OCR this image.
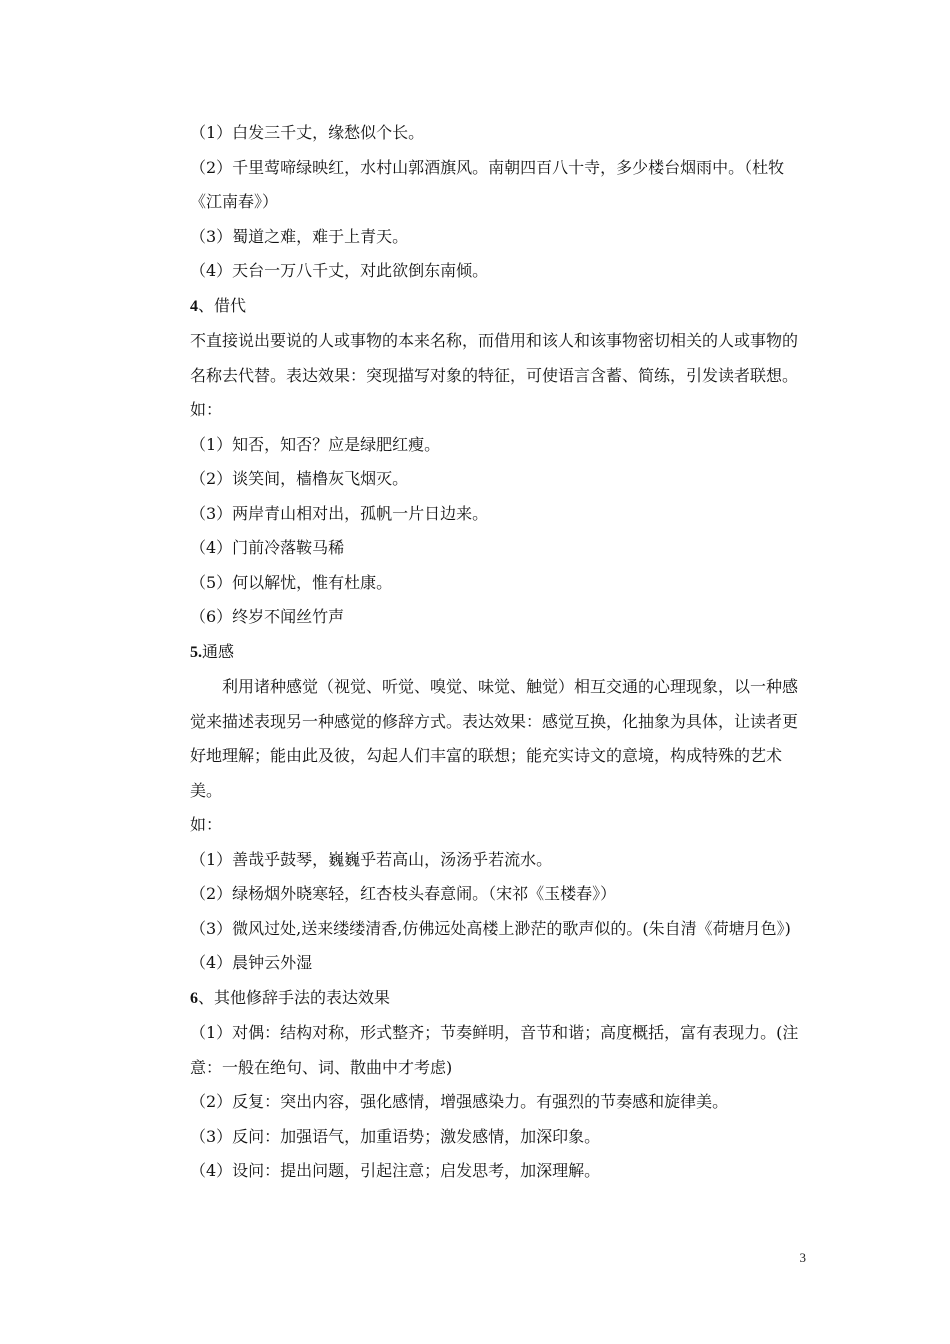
（1）白发三千丈，缘愁似个长。

（2）千里莺啼绿映红，水村山郭酒旗风。南朝四百八十寺，多少楼台烟雨中。（杜牧《江南春》）

（3）蜀道之难，难于上青天。

（4）天台一万八千丈，对此欲倒东南倾。

4、借代

不直接说出要说的人或事物的本来名称，而借用和该人和该事物密切相关的人或事物的名称去代替。表达效果：突现描写对象的特征，可使语言含蓄、简练，引发读者联想。如：

（1）知否，知否？应是绿肥红瘦。

（2）谈笑间，樯橹灰飞烟灭。

（3）两岸青山相对出，孤帆一片日边来。

（4）门前冷落鞍马稀

（5）何以解忧，惟有杜康。

（6）终岁不闻丝竹声

5.通感

利用诸种感觉（视觉、听觉、嗅觉、味觉、触觉）相互交通的心理现象，以一种感觉来描述表现另一种感觉的修辞方式。表达效果：感觉互换，化抽象为具体，让读者更好地理解；能由此及彼，勾起人们丰富的联想；能充实诗文的意境，构成特殊的艺术美。

如：

（1）善哉乎鼓琴，巍巍乎若高山，汤汤乎若流水。

（2）绿杨烟外晓寒轻，红杏枝头春意闹。（宋祁《玉楼春》）

（3）微风过处,送来缕缕清香,仿佛远处高楼上渺茫的歌声似的。(朱自清《荷塘月色》)

（4）晨钟云外湿

6、其他修辞手法的表达效果

（1）对偶：结构对称，形式整齐；节奏鲜明，音节和谐；高度概括，富有表现力。(注意：一般在绝句、词、散曲中才考虑)

（2）反复：突出内容，强化感情，增强感染力。有强烈的节奏感和旋律美。

（3）反问：加强语气，加重语势；激发感情，加深印象。

（4）设问：提出问题，引起注意；启发思考，加深理解。

3
